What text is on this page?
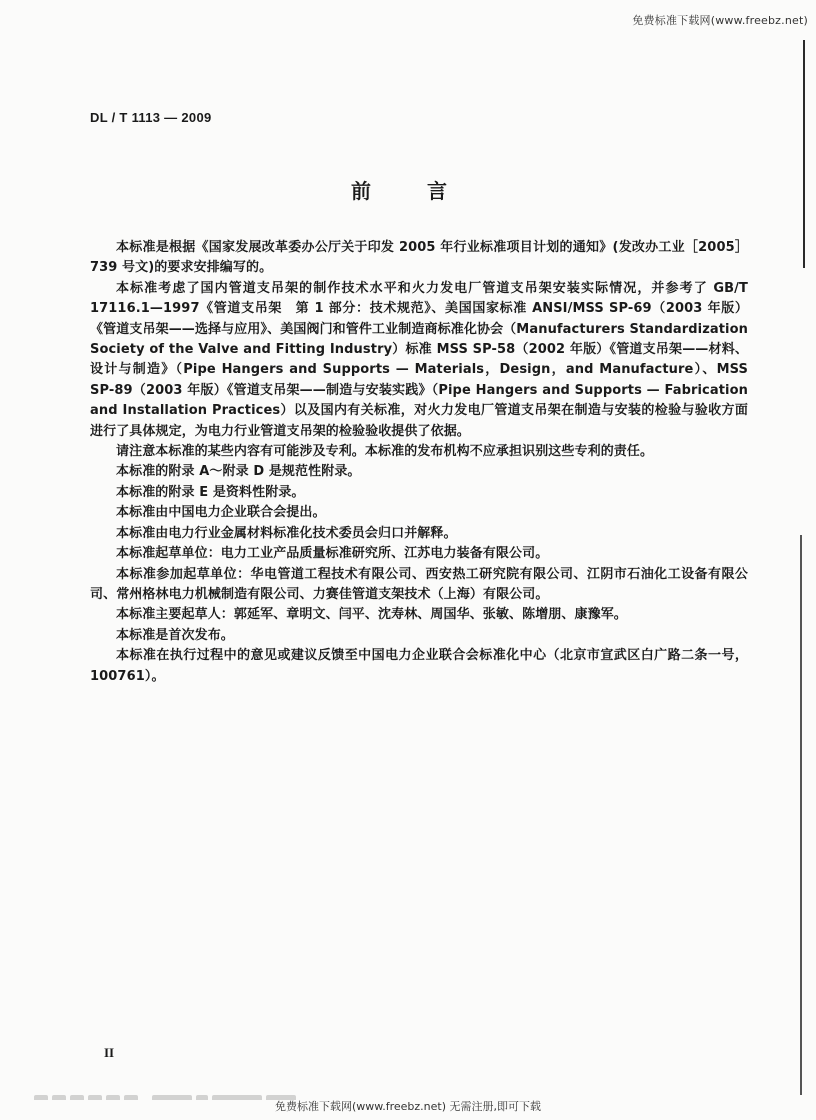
免费标准下载网(www.freebz.net)
DL / T 1113 — 2009
前　言

本标准是根据《国家发展改革委办公厅关于印发 2005 年行业标准项目计划的通知》(发改办工业［2005］739 号文)的要求安排编写的。

本标准考虑了国内管道支吊架的制作技术水平和火力发电厂管道支吊架安装实际情况，并参考了 GB/T 17116.1—1997《管道支吊架　第 1 部分：技术规范》、美国国家标准 ANSI/MSS SP-69（2003 年版）《管道支吊架——选择与应用》、美国阀门和管件工业制造商标准化协会（Manufacturers Standardization Society of the Valve and Fitting Industry）标准 MSS SP-58（2002 年版）《管道支吊架——材料、设计与制造》（Pipe Hangers and Supports — Materials，Design，and Manufacture）、MSS SP-89（2003 年版）《管道支吊架——制造与安装实践》（Pipe Hangers and Supports — Fabrication and Installation Practices）以及国内有关标准，对火力发电厂管道支吊架在制造与安装的检验与验收方面进行了具体规定，为电力行业管道支吊架的检验验收提供了依据。

请注意本标准的某些内容有可能涉及专利。本标准的发布机构不应承担识别这些专利的责任。

本标准的附录 A～附录 D 是规范性附录。

本标准的附录 E 是资料性附录。

本标准由中国电力企业联合会提出。

本标准由电力行业金属材料标准化技术委员会归口并解释。

本标准起草单位：电力工业产品质量标准研究所、江苏电力装备有限公司。

本标准参加起草单位：华电管道工程技术有限公司、西安热工研究院有限公司、江阴市石油化工设备有限公司、常州格林电力机械制造有限公司、力赛佳管道支架技术（上海）有限公司。

本标准主要起草人：郭延军、章明文、闫平、沈寿林、周国华、张敏、陈增朋、康豫军。

本标准是首次发布。

本标准在执行过程中的意见或建议反馈至中国电力企业联合会标准化中心（北京市宣武区白广路二条一号，100761）。

II
免费标准下载网(www.freebz.net) 无需注册,即可下载
